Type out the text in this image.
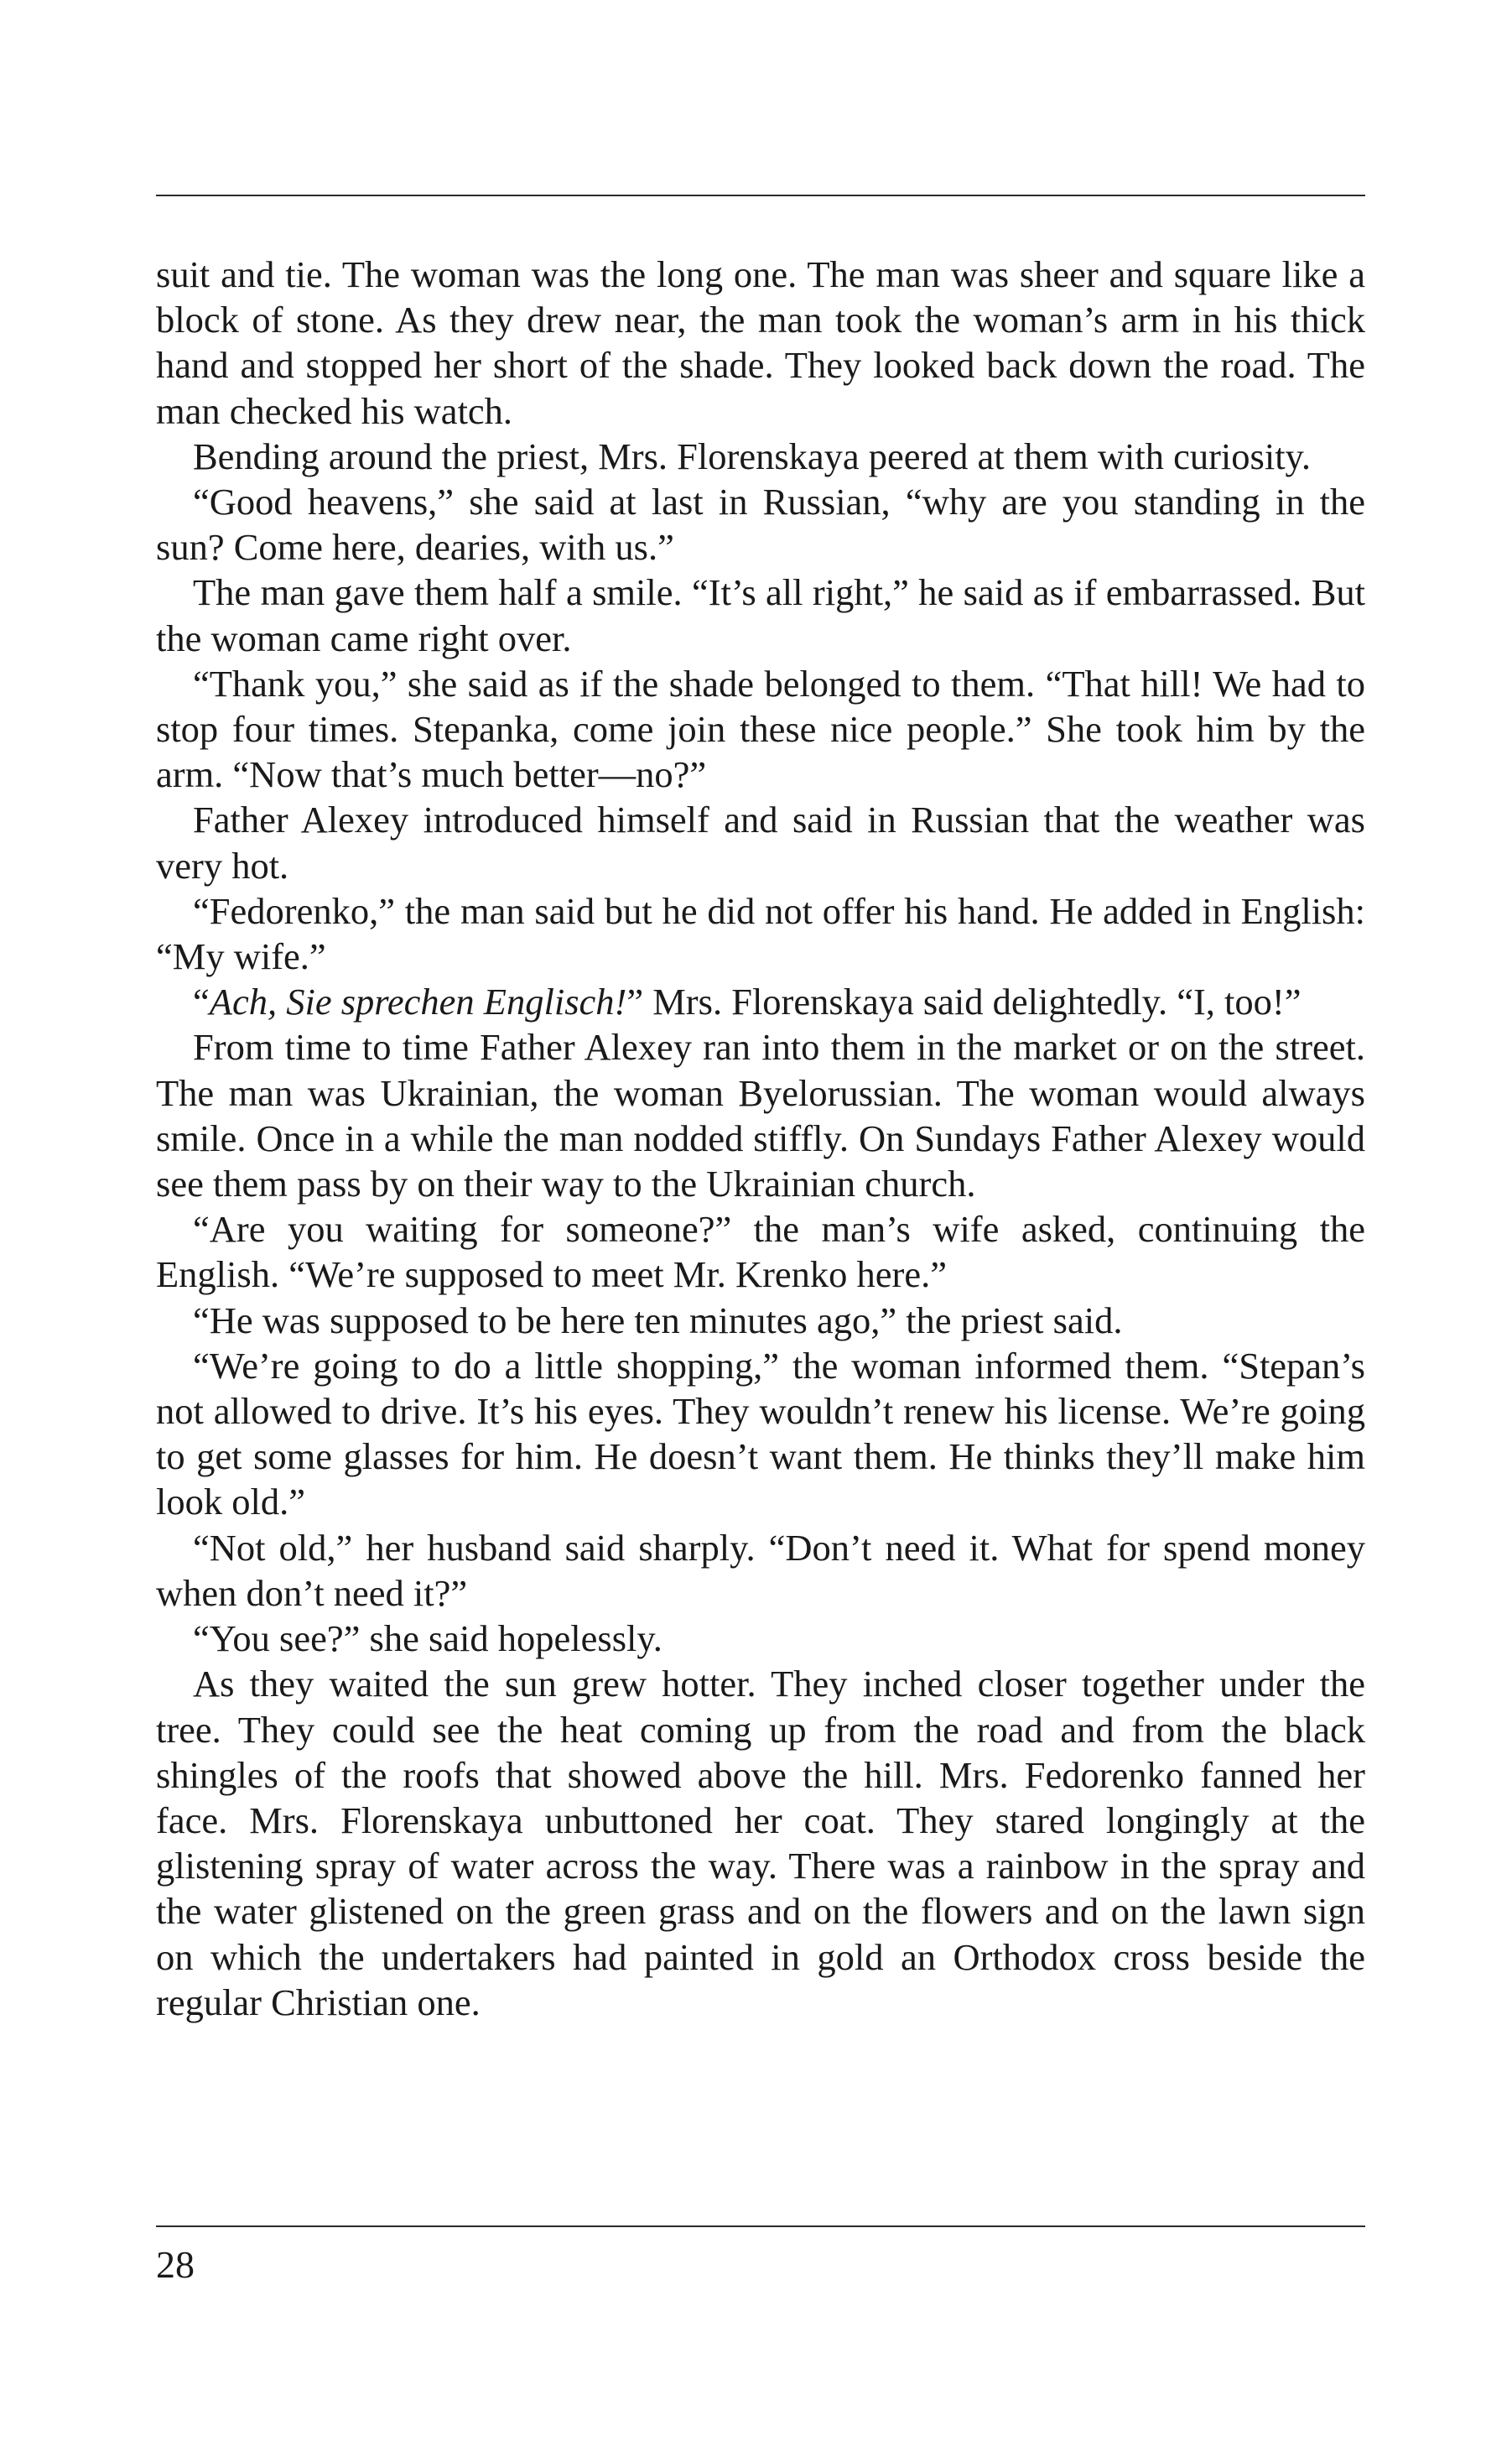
suit and tie. The woman was the long one. The man was sheer and square like a block of stone. As they drew near, the man took the woman’s arm in his thick hand and stopped her short of the shade. They looked back down the road. The man checked his watch.

Bending around the priest, Mrs. Florenskaya peered at them with curiosity.

“Good heavens,” she said at last in Russian, “why are you standing in the sun? Come here, dearies, with us.”

The man gave them half a smile. “It’s all right,” he said as if embarrassed. But the woman came right over.

“Thank you,” she said as if the shade belonged to them. “That hill! We had to stop four times. Stepanka, come join these nice people.” She took him by the arm. “Now that’s much better—no?”

Father Alexey introduced himself and said in Russian that the weather was very hot.

“Fedorenko,” the man said but he did not offer his hand. He added in English: “My wife.”

“Ach, Sie sprechen Englisch!” Mrs. Florenskaya said delightedly. “I, too!”

From time to time Father Alexey ran into them in the market or on the street. The man was Ukrainian, the woman Byelorussian. The woman would always smile. Once in a while the man nodded stiffly. On Sundays Father Alexey would see them pass by on their way to the Ukrainian church.

“Are you waiting for someone?” the man’s wife asked, continuing the English. “We’re supposed to meet Mr. Krenko here.”

“He was supposed to be here ten minutes ago,” the priest said.

“We’re going to do a little shopping,” the woman informed them. “Stepan’s not allowed to drive. It’s his eyes. They wouldn’t renew his license. We’re going to get some glasses for him. He doesn’t want them. He thinks they’ll make him look old.”

“Not old,” her husband said sharply. “Don’t need it. What for spend money when don’t need it?”

“You see?” she said hopelessly.

As they waited the sun grew hotter. They inched closer together under the tree. They could see the heat coming up from the road and from the black shingles of the roofs that showed above the hill. Mrs. Fedorenko fanned her face. Mrs. Florenskaya unbuttoned her coat. They stared longingly at the glistening spray of water across the way. There was a rainbow in the spray and the water glistened on the green grass and on the flowers and on the lawn sign on which the undertakers had painted in gold an Orthodox cross beside the regular Christian one.

28
